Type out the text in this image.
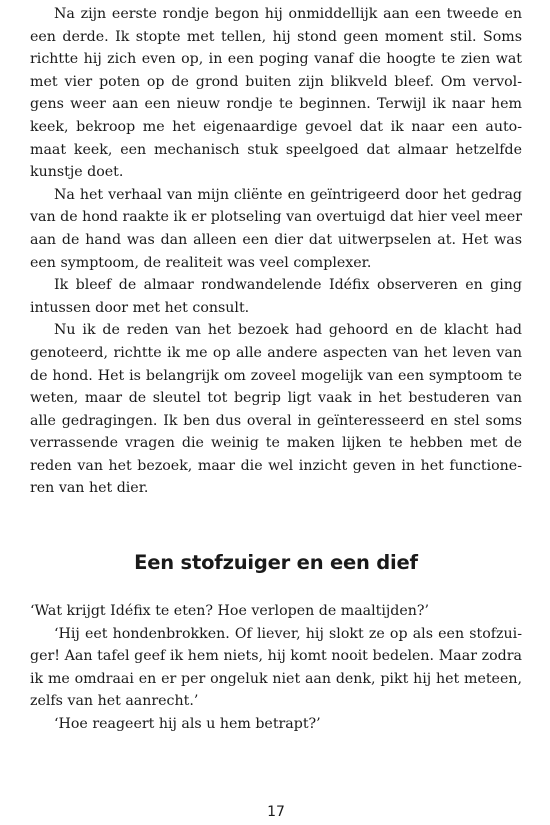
Na zijn eerste rondje begon hij onmiddellijk aan een tweede en een derde. Ik stopte met tellen, hij stond geen moment stil. Soms richtte hij zich even op, in een poging vanaf die hoogte te zien wat met vier poten op de grond buiten zijn blikveld bleef. Om vervolgens weer aan een nieuw rondje te beginnen. Terwijl ik naar hem keek, bekroop me het eigenaardige gevoel dat ik naar een automaat keek, een mechanisch stuk speelgoed dat almaar hetzelfde kunstje doet.

Na het verhaal van mijn cliënte en geïntrigeerd door het gedrag van de hond raakte ik er plotseling van overtuigd dat hier veel meer aan de hand was dan alleen een dier dat uitwerpselen at. Het was een symptoom, de realiteit was veel complexer.

Ik bleef de almaar rondwandelende Idéfix observeren en ging intussen door met het consult.

Nu ik de reden van het bezoek had gehoord en de klacht had genoteerd, richtte ik me op alle andere aspecten van het leven van de hond. Het is belangrijk om zoveel mogelijk van een symptoom te weten, maar de sleutel tot begrip ligt vaak in het bestuderen van alle gedragingen. Ik ben dus overal in geïnteresseerd en stel soms verrassende vragen die weinig te maken lijken te hebben met de reden van het bezoek, maar die wel inzicht geven in het functioneren van het dier.

Een stofzuiger en een dief

‘Wat krijgt Idéfix te eten? Hoe verlopen de maaltijden?’

‘Hij eet hondenbrokken. Of liever, hij slokt ze op als een stofzuiger! Aan tafel geef ik hem niets, hij komt nooit bedelen. Maar zodra ik me omdraai en er per ongeluk niet aan denk, pikt hij het meteen, zelfs van het aanrecht.’

‘Hoe reageert hij als u hem betrapt?’

17
